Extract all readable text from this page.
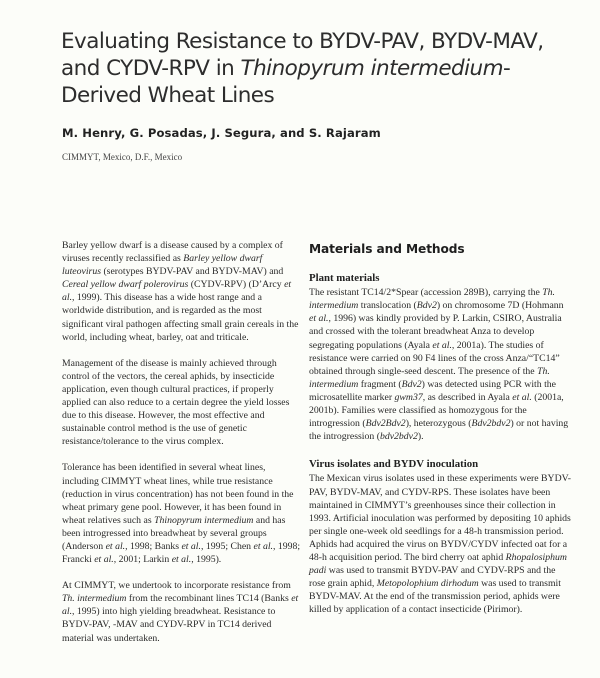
Evaluating Resistance to BYDV-PAV, BYDV-MAV, and CYDV-RPV in Thinopyrum intermedium-Derived Wheat Lines

M. Henry, G. Posadas, J. Segura, and S. Rajaram

CIMMYT, Mexico, D.F., Mexico

Barley yellow dwarf is a disease caused by a complex of viruses recently reclassified as Barley yellow dwarf luteovirus (serotypes BYDV-PAV and BYDV-MAV) and Cereal yellow dwarf polerovirus (CYDV-RPV) (D’Arcy et al., 1999). This disease has a wide host range and a worldwide distribution, and is regarded as the most significant viral pathogen affecting small grain cereals in the world, including wheat, barley, oat and triticale.

Management of the disease is mainly achieved through control of the vectors, the cereal aphids, by insecticide application, even though cultural practices, if properly applied can also reduce to a certain degree the yield losses due to this disease. However, the most effective and sustainable control method is the use of genetic resistance/tolerance to the virus complex.

Tolerance has been identified in several wheat lines, including CIMMYT wheat lines, while true resistance (reduction in virus concentration) has not been found in the wheat primary gene pool. However, it has been found in wheat relatives such as Thinopyrum intermedium and has been introgressed into breadwheat by several groups (Anderson et al., 1998; Banks et al., 1995; Chen et al., 1998; Francki et al., 2001; Larkin et al., 1995).

At CIMMYT, we undertook to incorporate resistance from Th. intermedium from the recombinant lines TC14 (Banks et al., 1995) into high yielding breadwheat. Resistance to BYDV-PAV, -MAV and CYDV-RPV in TC14 derived material was undertaken.

Materials and Methods
Plant materials

The resistant TC14/2*Spear (accession 289B), carrying the Th. intermedium translocation (Bdv2) on chromosome 7D (Hohmann et al., 1996) was kindly provided by P. Larkin, CSIRO, Australia and crossed with the tolerant breadwheat Anza to develop segregating populations (Ayala et al., 2001a). The studies of resistance were carried on 90 F4 lines of the cross Anza/“TC14” obtained through single-seed descent. The presence of the Th. intermedium fragment (Bdv2) was detected using PCR with the microsatellite marker gwm37, as described in Ayala et al. (2001a, 2001b). Families were classified as homozygous for the introgression (Bdv2Bdv2), heterozygous (Bdv2bdv2) or not having the introgression (bdv2bdv2).

Virus isolates and BYDV inoculation

The Mexican virus isolates used in these experiments were BYDV-PAV, BYDV-MAV, and CYDV-RPS. These isolates have been maintained in CIMMYT’s greenhouses since their collection in 1993. Artificial inoculation was performed by depositing 10 aphids per single one-week old seedlings for a 48-h transmission period. Aphids had acquired the virus on BYDV/CYDV infected oat for a 48-h acquisition period. The bird cherry oat aphid Rhopalosiphum padi was used to transmit BYDV-PAV and CYDV-RPS and the rose grain aphid, Metopolophium dirhodum was used to transmit BYDV-MAV. At the end of the transmission period, aphids were killed by application of a contact insecticide (Pirimor).
